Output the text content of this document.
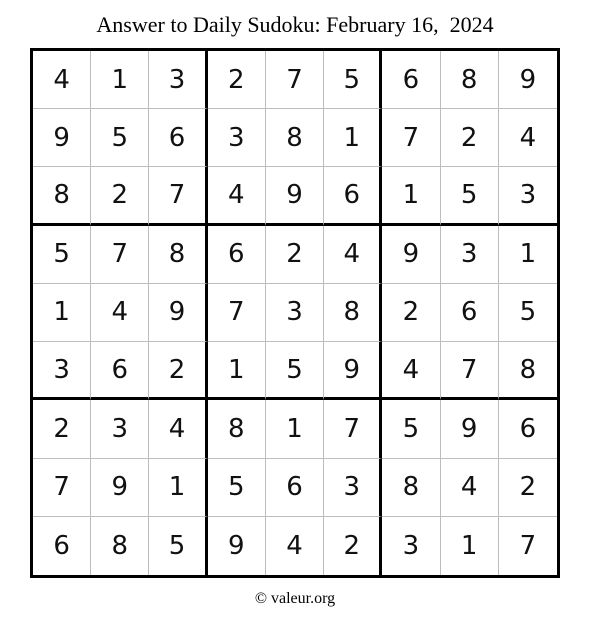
Answer to Daily Sudoku: February 16,  2024
4	1	3	2	7	5	6	8	9
9	5	6	3	8	1	7	2	4
8	2	7	4	9	6	1	5	3
5	7	8	6	2	4	9	3	1
1	4	9	7	3	8	2	6	5
3	6	2	1	5	9	4	7	8
2	3	4	8	1	7	5	9	6
7	9	1	5	6	3	8	4	2
6	8	5	9	4	2	3	1	7
© valeur.org
